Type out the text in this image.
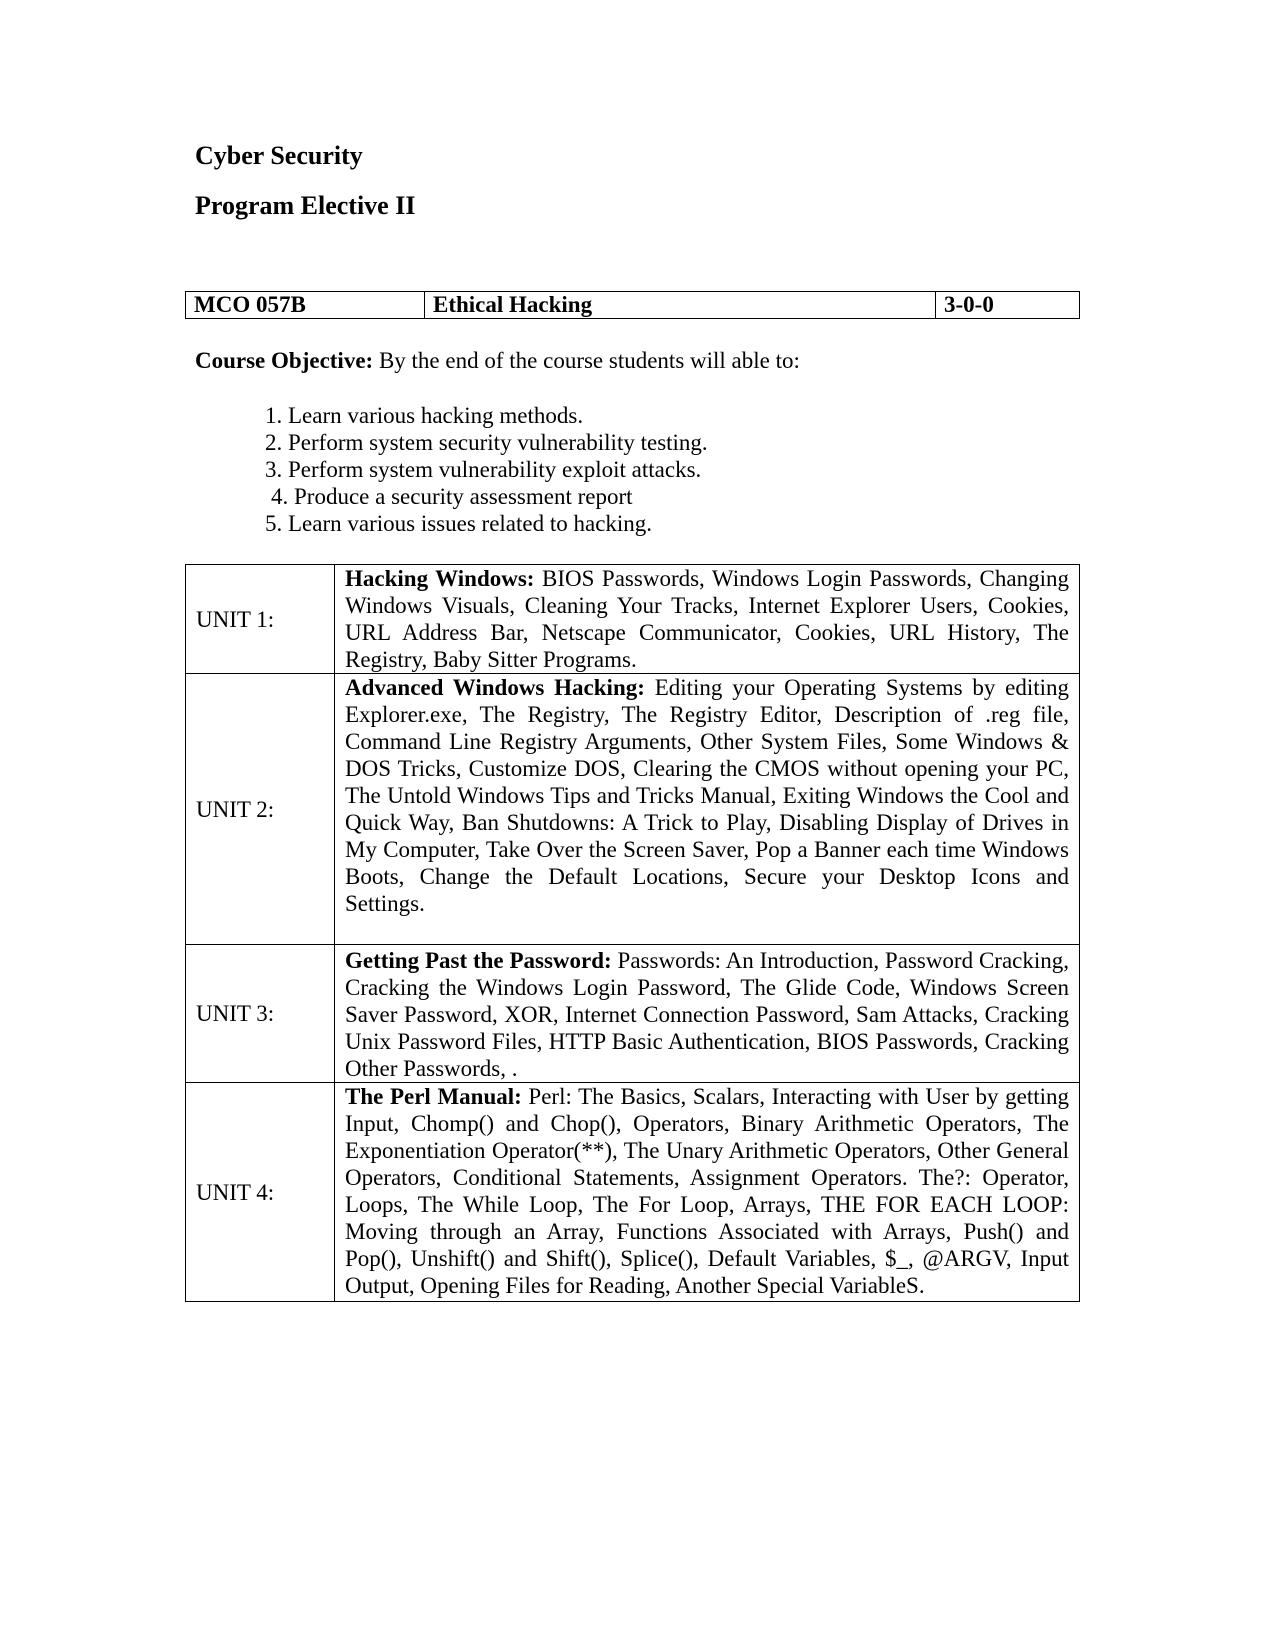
Cyber Security
Program Elective II
MCO 057B	Ethical Hacking	3-0-0

Course Objective: By the end of the course students will able to:

1. Learn various hacking methods.
2. Perform system security vulnerability testing.
3. Perform system vulnerability exploit attacks.
4. Produce a security assessment report
5. Learn various issues related to hacking.
UNIT 1:	Hacking Windows: BIOS Passwords, Windows Login Passwords, Changing Windows Visuals, Cleaning Your Tracks, Internet Explorer Users, Cookies, URL Address Bar, Netscape Communicator, Cookies, URL History, The Registry, Baby Sitter Programs.
UNIT 2:	Advanced Windows Hacking: Editing your Operating Systems by editing Explorer.exe, The Registry, The Registry Editor, Description of .reg file, Command Line Registry Arguments, Other System Files, Some Windows & DOS Tricks, Customize DOS, Clearing the CMOS without opening your PC, The Untold Windows Tips and Tricks Manual, Exiting Windows the Cool and Quick Way, Ban Shutdowns: A Trick to Play, Disabling Display of Drives in My Computer, Take Over the Screen Saver, Pop a Banner each time Windows Boots, Change the Default Locations, Secure your Desktop Icons and Settings.
UNIT 3:	Getting Past the Password: Passwords: An Introduction, Password Cracking, Cracking the Windows Login Password, The Glide Code, Windows Screen Saver Password, XOR, Internet Connection Password, Sam Attacks, Cracking Unix Password Files, HTTP Basic Authentication, BIOS Passwords, Cracking Other Passwords, .
UNIT 4:	The Perl Manual: Perl: The Basics, Scalars, Interacting with User by getting Input, Chomp() and Chop(), Operators, Binary Arithmetic Operators, The Exponentiation Operator(**), The Unary Arithmetic Operators, Other General Operators, Conditional Statements, Assignment Operators. The?: Operator, Loops, The While Loop, The For Loop, Arrays, THE FOR EACH LOOP: Moving through an Array, Functions Associated with Arrays, Push() and Pop(), Unshift() and Shift(), Splice(), Default Variables, $_, @ARGV, Input Output, Opening Files for Reading, Another Special VariableS.
